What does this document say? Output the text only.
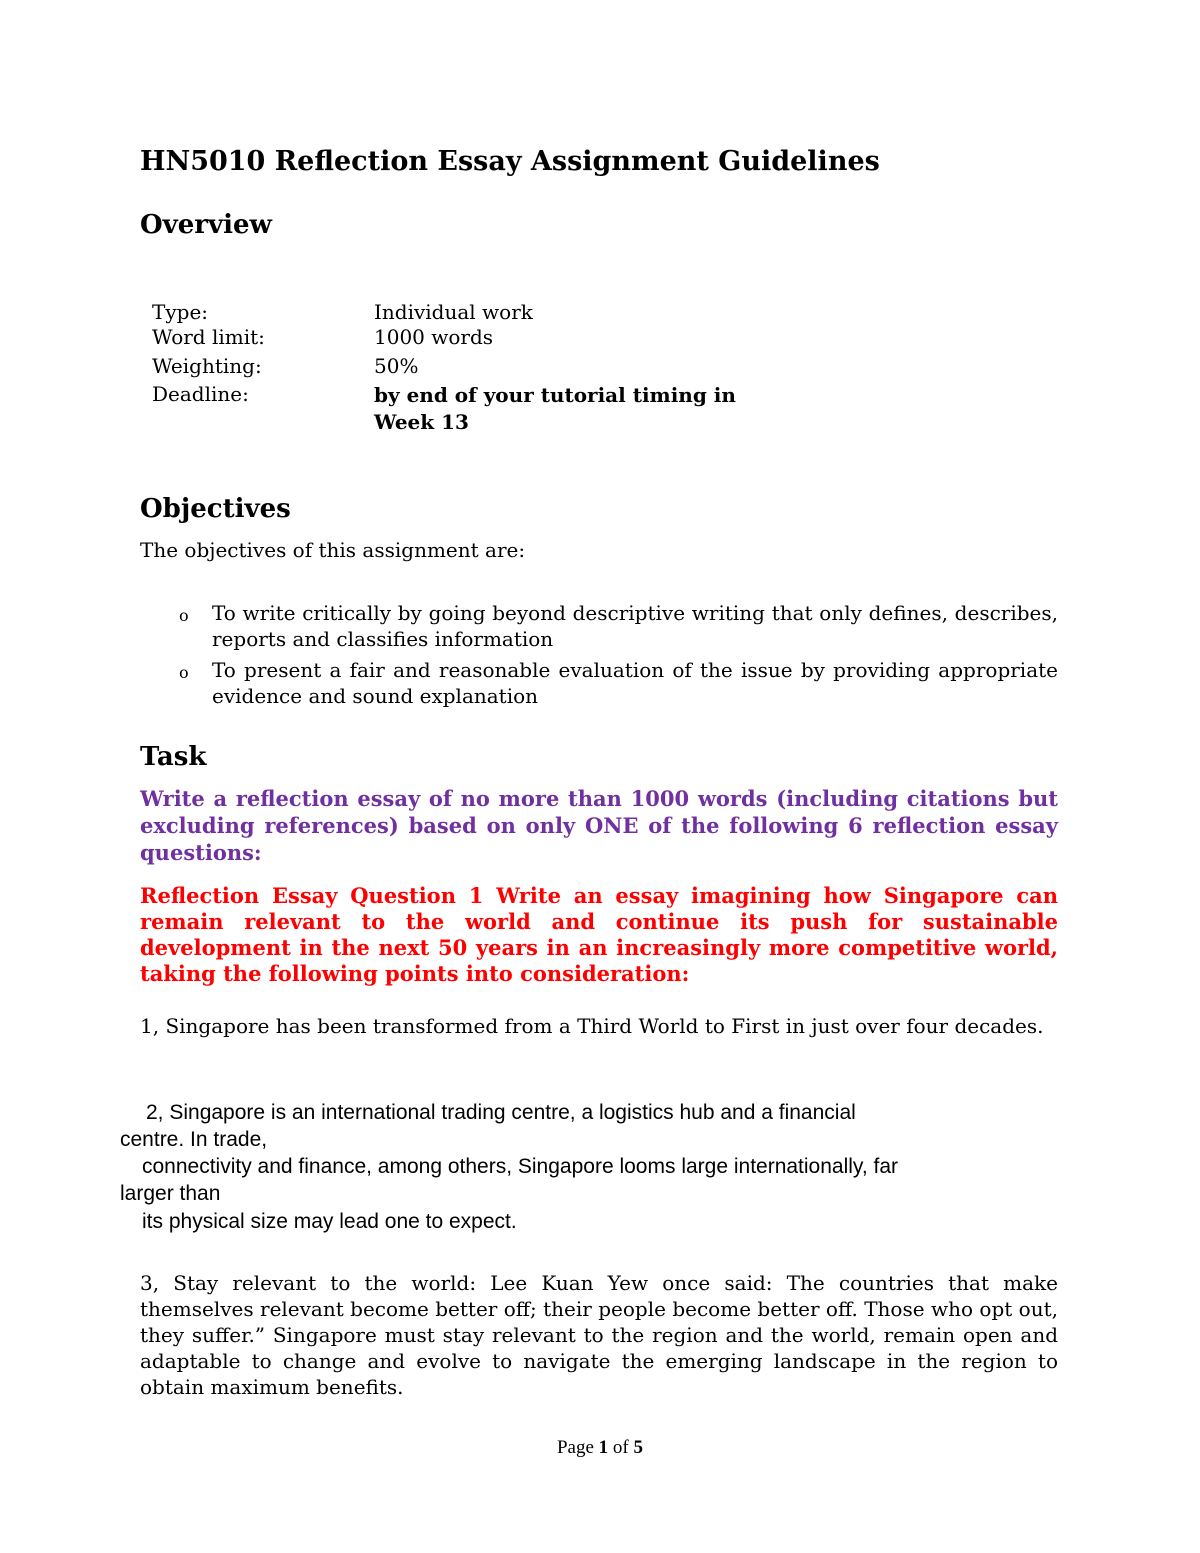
HN5010 Reflection Essay Assignment Guidelines
Overview
Type:	Individual work
Word limit:	1000 words
Weighting:	50%
Deadline:	by end of your tutorial timing in
Week 13
Objectives

The objectives of this assignment are:

o To write critically by going beyond descriptive writing that only defines, describes, reports and classifies information

o To present a fair and reasonable evaluation of the issue by providing appropriate evidence and sound explanation

Task

Write a reflection essay of no more than 1000 words (including citations but excluding references) based on only ONE of the following 6 reflection essay questions:

Reflection Essay Question 1 Write an essay imagining how Singapore can remain relevant to the world and continue its push for sustainable development in the next 50 years in an increasingly more competitive world, taking the following points into consideration:

1, Singapore has been transformed from a Third World to First in just over four decades.

2, Singapore is an international trading centre, a logistics hub and a financial
centre. In trade,
connectivity and finance, among others, Singapore looms large internationally, far
larger than
its physical size may lead one to expect.

3, Stay relevant to the world: Lee Kuan Yew once said: The countries that make themselves relevant become better off; their people become better off. Those who opt out, they suffer.” Singapore must stay relevant to the region and the world, remain open and adaptable to change and evolve to navigate the emerging landscape in the region to obtain maximum benefits.

Page 1 of 5
